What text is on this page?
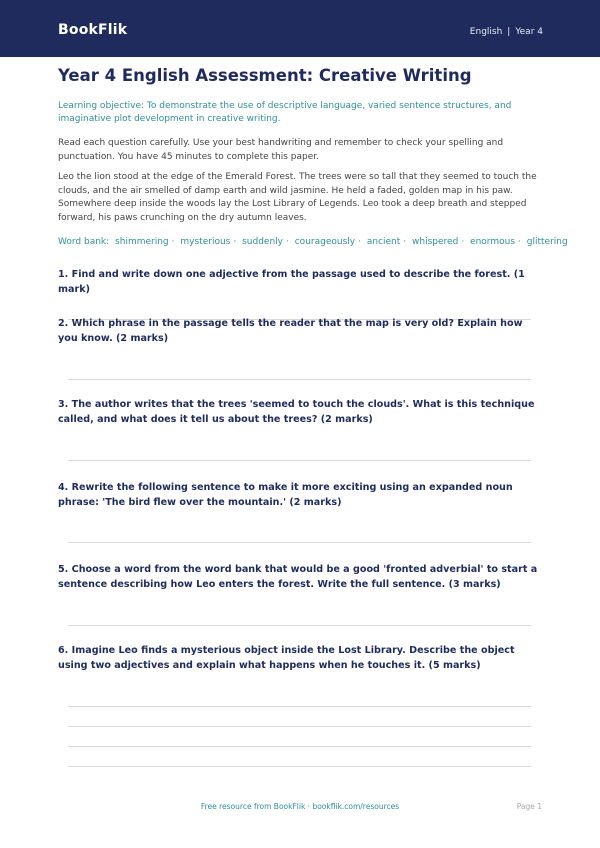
BookFlik	English | Year 4
Year 4 English Assessment: Creative Writing
Learning objective: To demonstrate the use of descriptive language, varied sentence structures, and imaginative plot development in creative writing.
Read each question carefully. Use your best handwriting and remember to check your spelling and punctuation. You have 45 minutes to complete this paper.
Leo the lion stood at the edge of the Emerald Forest. The trees were so tall that they seemed to touch the clouds, and the air smelled of damp earth and wild jasmine. He held a faded, golden map in his paw. Somewhere deep inside the woods lay the Lost Library of Legends. Leo took a deep breath and stepped forward, his paws crunching on the dry autumn leaves.
Word bank: shimmering · mysterious · suddenly · courageously · ancient · whispered · enormous · glittering
1. Find and write down one adjective from the passage used to describe the forest. (1 mark)
2. Which phrase in the passage tells the reader that the map is very old? Explain how you know. (2 marks)
3. The author writes that the trees 'seemed to touch the clouds'. What is this technique called, and what does it tell us about the trees? (2 marks)
4. Rewrite the following sentence to make it more exciting using an expanded noun phrase: 'The bird flew over the mountain.' (2 marks)
5. Choose a word from the word bank that would be a good 'fronted adverbial' to start a sentence describing how Leo enters the forest. Write the full sentence. (3 marks)
6. Imagine Leo finds a mysterious object inside the Lost Library. Describe the object using two adjectives and explain what happens when he touches it. (5 marks)
Free resource from BookFlik · bookflik.com/resources	Page 1
